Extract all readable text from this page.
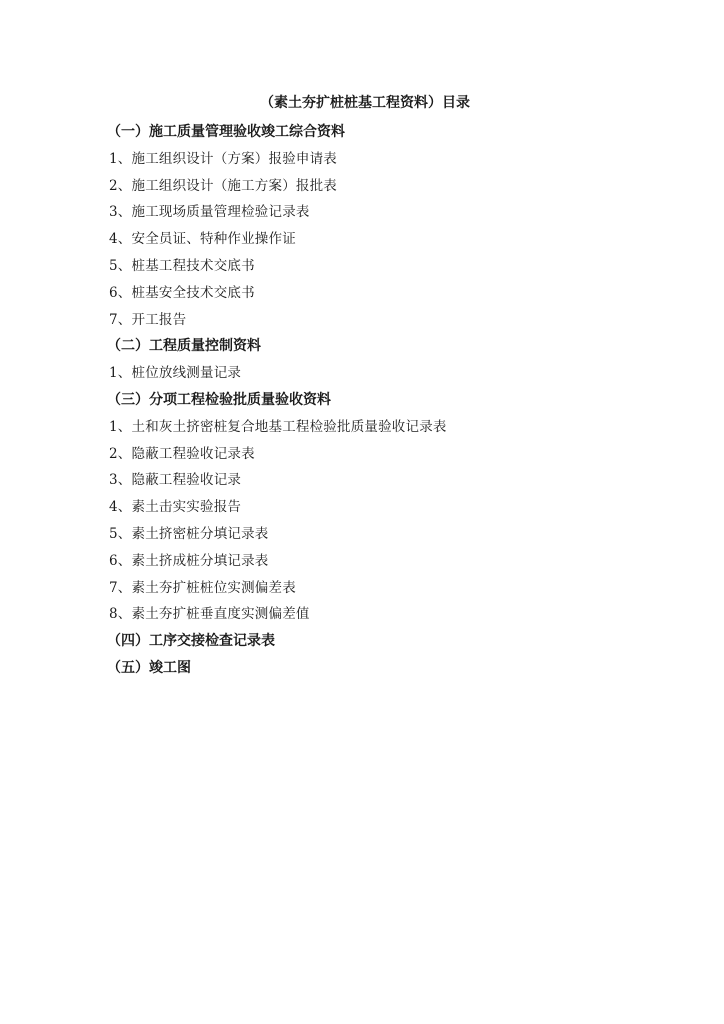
（素土夯扩桩桩基工程资料）目录
（一）施工质量管理验收竣工综合资料
1、施工组织设计（方案）报验申请表
2、施工组织设计（施工方案）报批表
3、施工现场质量管理检验记录表
4、安全员证、特种作业操作证
5、桩基工程技术交底书
6、桩基安全技术交底书
7、开工报告
（二）工程质量控制资料
1、桩位放线测量记录
（三）分项工程检验批质量验收资料
1、土和灰土挤密桩复合地基工程检验批质量验收记录表
2、隐蔽工程验收记录表
3、隐蔽工程验收记录
4、素土击实实验报告
5、素土挤密桩分填记录表
6、素土挤成桩分填记录表
7、素土夯扩桩桩位实测偏差表
8、素土夯扩桩垂直度实测偏差值
（四）工序交接检查记录表
（五）竣工图
